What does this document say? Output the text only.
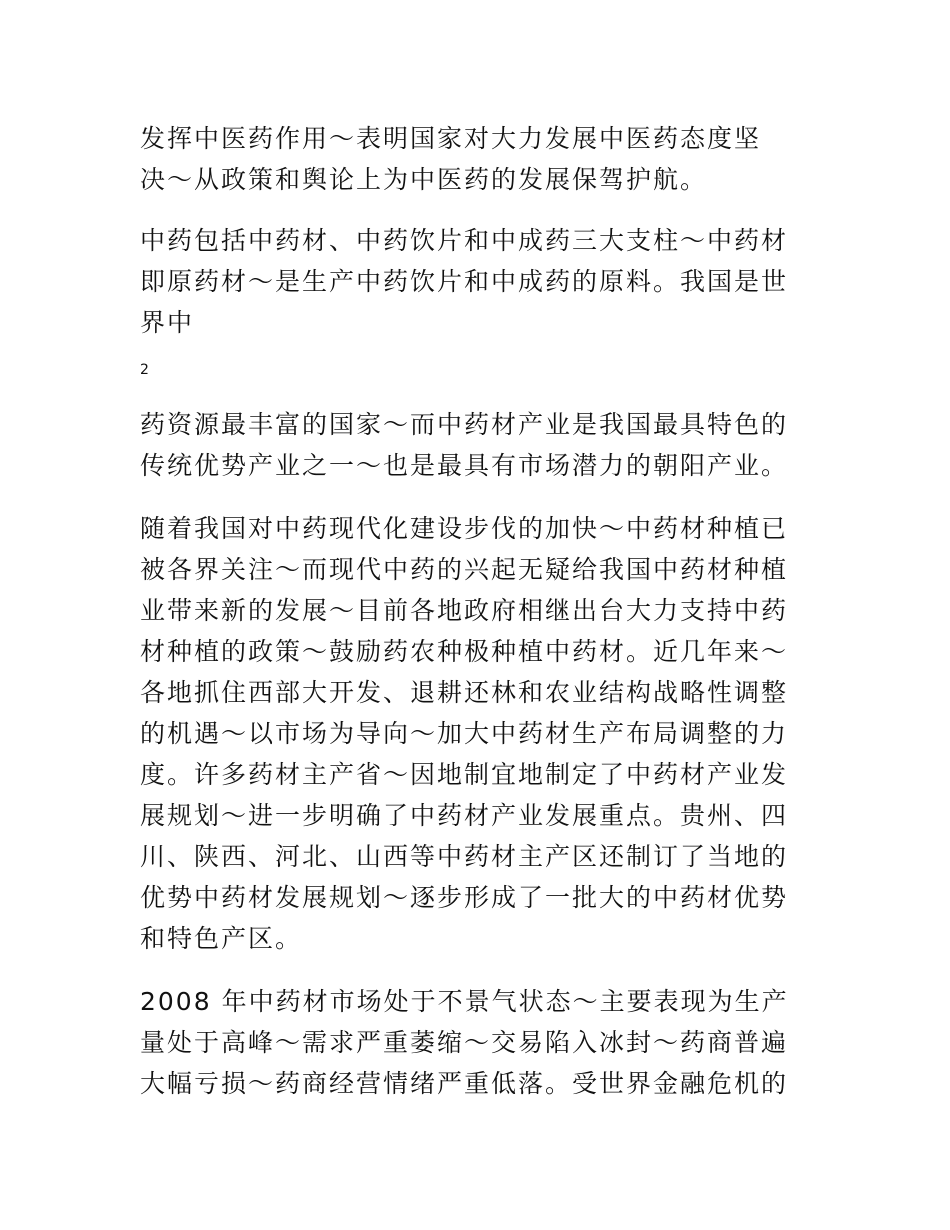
发挥中医药作用～表明国家对大力发展中医药态度坚
决～从政策和舆论上为中医药的发展保驾护航。

中药包括中药材、中药饮片和中成药三大支柱～中药材
即原药材～是生产中药饮片和中成药的原料。我国是世
界中

2

药资源最丰富的国家～而中药材产业是我国最具特色的
传统优势产业之一～也是最具有市场潜力的朝阳产业。

随着我国对中药现代化建设步伐的加快～中药材种植已
被各界关注～而现代中药的兴起无疑给我国中药材种植
业带来新的发展～目前各地政府相继出台大力支持中药
材种植的政策～鼓励药农种极种植中药材。近几年来～
各地抓住西部大开发、退耕还林和农业结构战略性调整
的机遇～以市场为导向～加大中药材生产布局调整的力
度。许多药材主产省～因地制宜地制定了中药材产业发
展规划～进一步明确了中药材产业发展重点。贵州、四
川、陕西、河北、山西等中药材主产区还制订了当地的
优势中药材发展规划～逐步形成了一批大的中药材优势
和特色产区。

2008 年中药材市场处于不景气状态～主要表现为生产
量处于高峰～需求严重萎缩～交易陷入冰封～药商普遍
大幅亏损～药商经营情绪严重低落。受世界金融危机的
